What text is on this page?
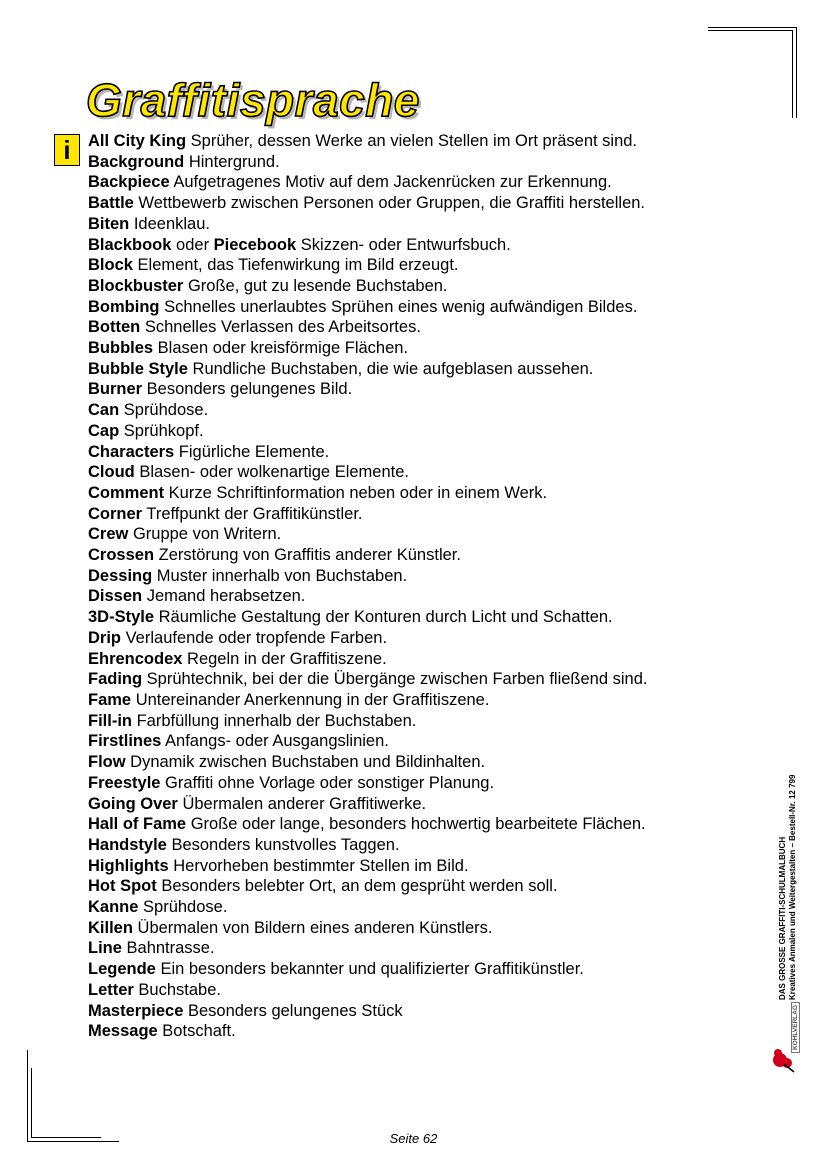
Graffitisprache
i	All City King Sprüher, dessen Werke an vielen Stellen im Ort präsent sind.
Background Hintergrund.
Backpiece Aufgetragenes Motiv auf dem Jackenrücken zur Erkennung.
Battle Wettbewerb zwischen Personen oder Gruppen, die Graffiti herstellen.
Biten Ideenklau.
Blackbook oder Piecebook Skizzen- oder Entwurfsbuch.
Block Element, das Tiefenwirkung im Bild erzeugt.
Blockbuster Große, gut zu lesende Buchstaben.
Bombing Schnelles unerlaubtes Sprühen eines wenig aufwändigen Bildes.
Botten Schnelles Verlassen des Arbeitsortes.
Bubbles Blasen oder kreisförmige Flächen.
Bubble Style Rundliche Buchstaben, die wie aufgeblasen aussehen.
Burner Besonders gelungenes Bild.
Can Sprühdose.
Cap Sprühkopf.
Characters Figürliche Elemente.
Cloud Blasen- oder wolkenartige Elemente.
Comment Kurze Schriftinformation neben oder in einem Werk.
Corner Treffpunkt der Graffitikünstler.
Crew Gruppe von Writern.
Crossen Zerstörung von Graffitis anderer Künstler.
Dessing Muster innerhalb von Buchstaben.
Dissen Jemand herabsetzen.
3D-Style Räumliche Gestaltung der Konturen durch Licht und Schatten.
Drip Verlaufende oder tropfende Farben.
Ehrencodex Regeln in der Graffitiszene.
Fading Sprühtechnik, bei der die Übergänge zwischen Farben fließend sind.
Fame Untereinander Anerkennung in der Graffitiszene.
Fill-in Farbfüllung innerhalb der Buchstaben.
Firstlines Anfangs- oder Ausgangslinien.
Flow Dynamik zwischen Buchstaben und Bildinhalten.
Freestyle Graffiti ohne Vorlage oder sonstiger Planung.
Going Over Übermalen anderer Graffitiwerke.
Hall of Fame Große oder lange, besonders hochwertig bearbeitete Flächen.
Handstyle Besonders kunstvolles Taggen.
Highlights Hervorheben bestimmter Stellen im Bild.
Hot Spot Besonders belebter Ort, an dem gesprüht werden soll.
Kanne Sprühdose.
Killen Übermalen von Bildern eines anderen Künstlers.
Line Bahntrasse.
Legende Ein besonders bekannter und qualifizierter Graffitikünstler.
Letter Buchstabe.
Masterpiece Besonders gelungenes Stück
Message Botschaft.
DAS GROSSE GRAFFITI-SCHULMALBUCH Kreatives Anmalen und Weitergestalten – Bestell-Nr. 12 799
KOHLVERLAG
Seite 62
